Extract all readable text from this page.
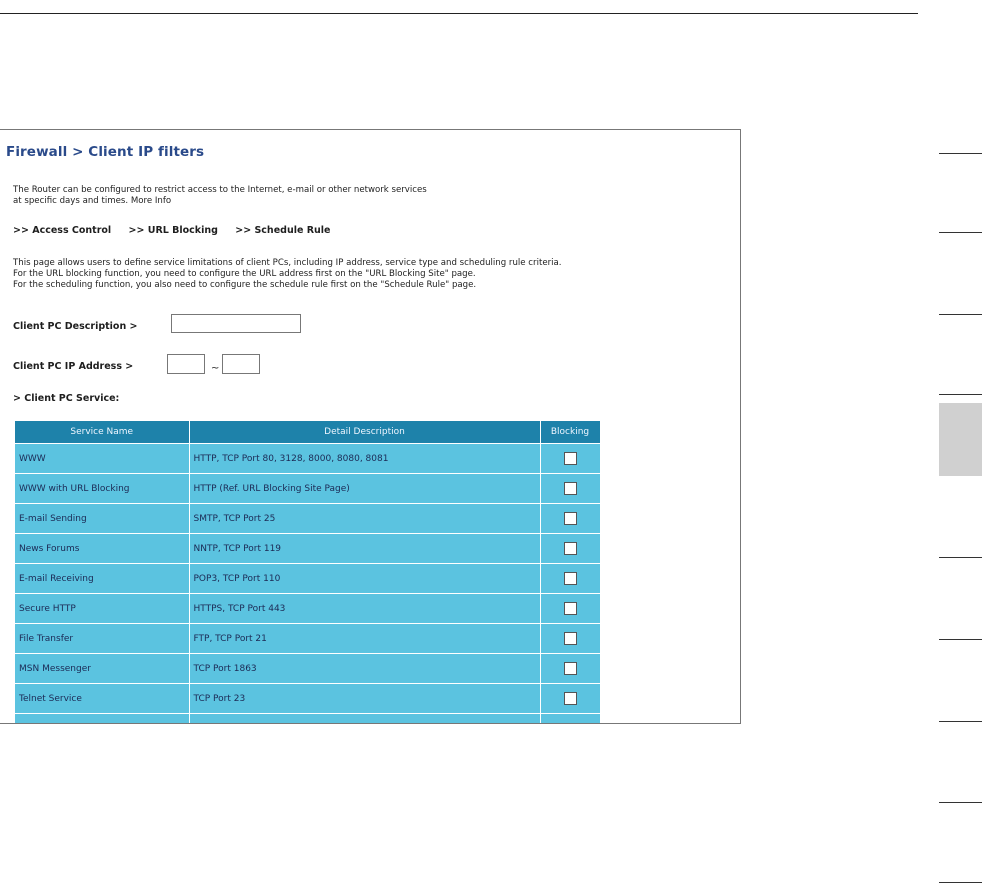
Firewall > Client IP filters
The Router can be configured to restrict access to the Internet, e-mail or other network services
at specific days and times. More Info
>> Access Control >> URL Blocking >> Schedule Rule
This page allows users to define service limitations of client PCs, including IP address, service type and scheduling rule criteria.
For the URL blocking function, you need to configure the URL address first on the "URL Blocking Site" page.
For the scheduling function, you also need to configure the schedule rule first on the "Schedule Rule" page.
Client PC Description >
Client PC IP Address >	~
> Client PC Service:
Service Name	Detail Description	Blocking
WWW	HTTP, TCP Port 80, 3128, 8000, 8080, 8081	
WWW with URL Blocking	HTTP (Ref. URL Blocking Site Page)	
E-mail Sending	SMTP, TCP Port 25	
News Forums	NNTP, TCP Port 119	
E-mail Receiving	POP3, TCP Port 110	
Secure HTTP	HTTPS, TCP Port 443	
File Transfer	FTP, TCP Port 21	
MSN Messenger	TCP Port 1863	
Telnet Service	TCP Port 23	
